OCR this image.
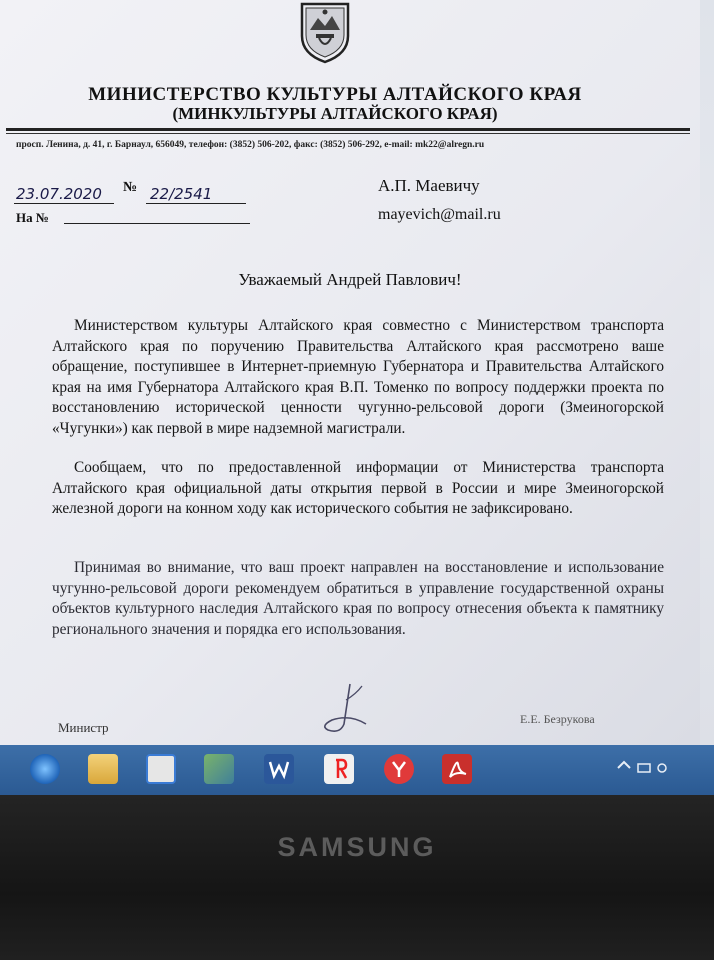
МИНИСТЕРСТВО КУЛЬТУРЫ АЛТАЙСКОГО КРАЯ
(МИНКУЛЬТУРЫ АЛТАЙСКОГО КРАЯ)
просп. Ленина, д. 41, г. Барнаул, 656049, телефон: (3852) 506-202, факс: (3852) 506-292, e-mail: mk22@alregn.ru
23.07.2020 № 22/2541
На №
А.П. Маевичу
mayevich@mail.ru
Уважаемый Андрей Павлович!
Министерством культуры Алтайского края совместно с Министерством транспорта Алтайского края по поручению Правительства Алтайского края рассмотрено ваше обращение, поступившее в Интернет-приемную Губернатора и Правительства Алтайского края на имя Губернатора Алтайского края В.П. Томенко по вопросу поддержки проекта по восстановлению исторической ценности чугунно-рельсовой дороги (Змеиногорской «Чугунки») как первой в мире надземной магистрали.
Сообщаем, что по предоставленной информации от Министерства транспорта Алтайского края официальной даты открытия первой в России и мире Змеиногорской железной дороги на конном ходу как исторического события не зафиксировано.
Принимая во внимание, что ваш проект направлен на восстановление и использование чугунно-рельсовой дороги рекомендуем обратиться в управление государственной охраны объектов культурного наследия Алтайского края по вопросу отнесения объекта к памятнику регионального значения и порядка его использования.
Министр
Е.Е. Безрукова
SAMSUNG
